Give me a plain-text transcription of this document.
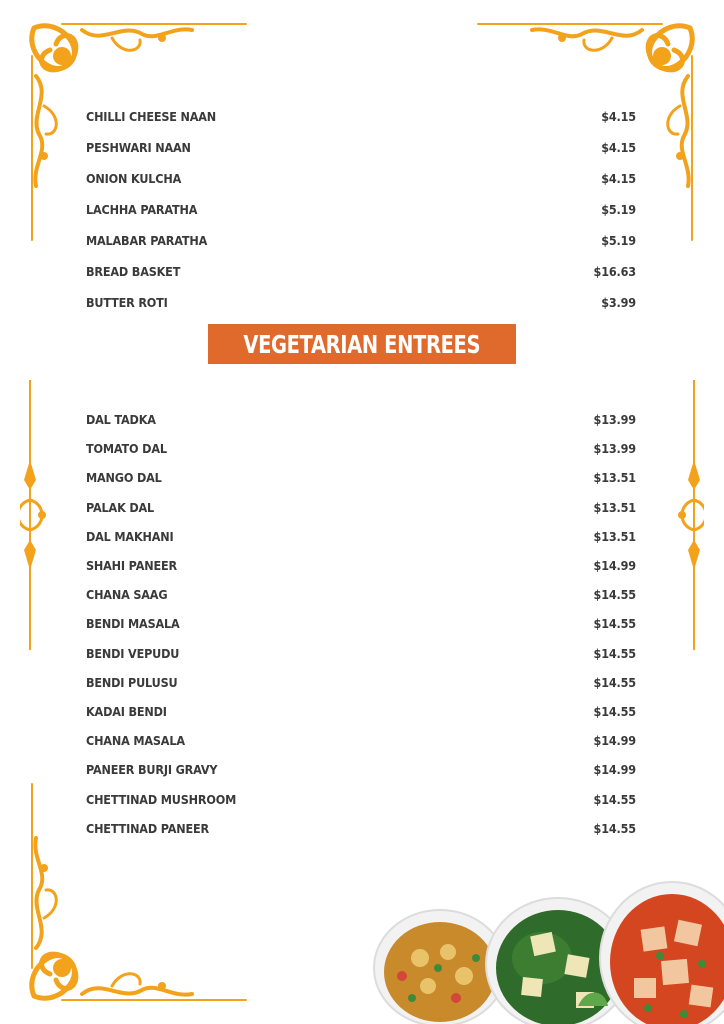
CHILLI CHEESE NAAN	$4.15
PESHWARI NAAN	$4.15
ONION KULCHA	$4.15
LACHHA PARATHA	$5.19
MALABAR PARATHA	$5.19
BREAD BASKET	$16.63
BUTTER ROTI	$3.99
VEGETARIAN ENTREES
DAL TADKA	$13.99
TOMATO DAL	$13.99
MANGO DAL	$13.51
PALAK DAL	$13.51
DAL MAKHANI	$13.51
SHAHI PANEER	$14.99
CHANA SAAG	$14.55
BENDI MASALA	$14.55
BENDI VEPUDU	$14.55
BENDI PULUSU	$14.55
KADAI BENDI	$14.55
CHANA MASALA	$14.99
PANEER BURJI GRAVY	$14.99
CHETTINAD MUSHROOM	$14.55
CHETTINAD PANEER	$14.55
